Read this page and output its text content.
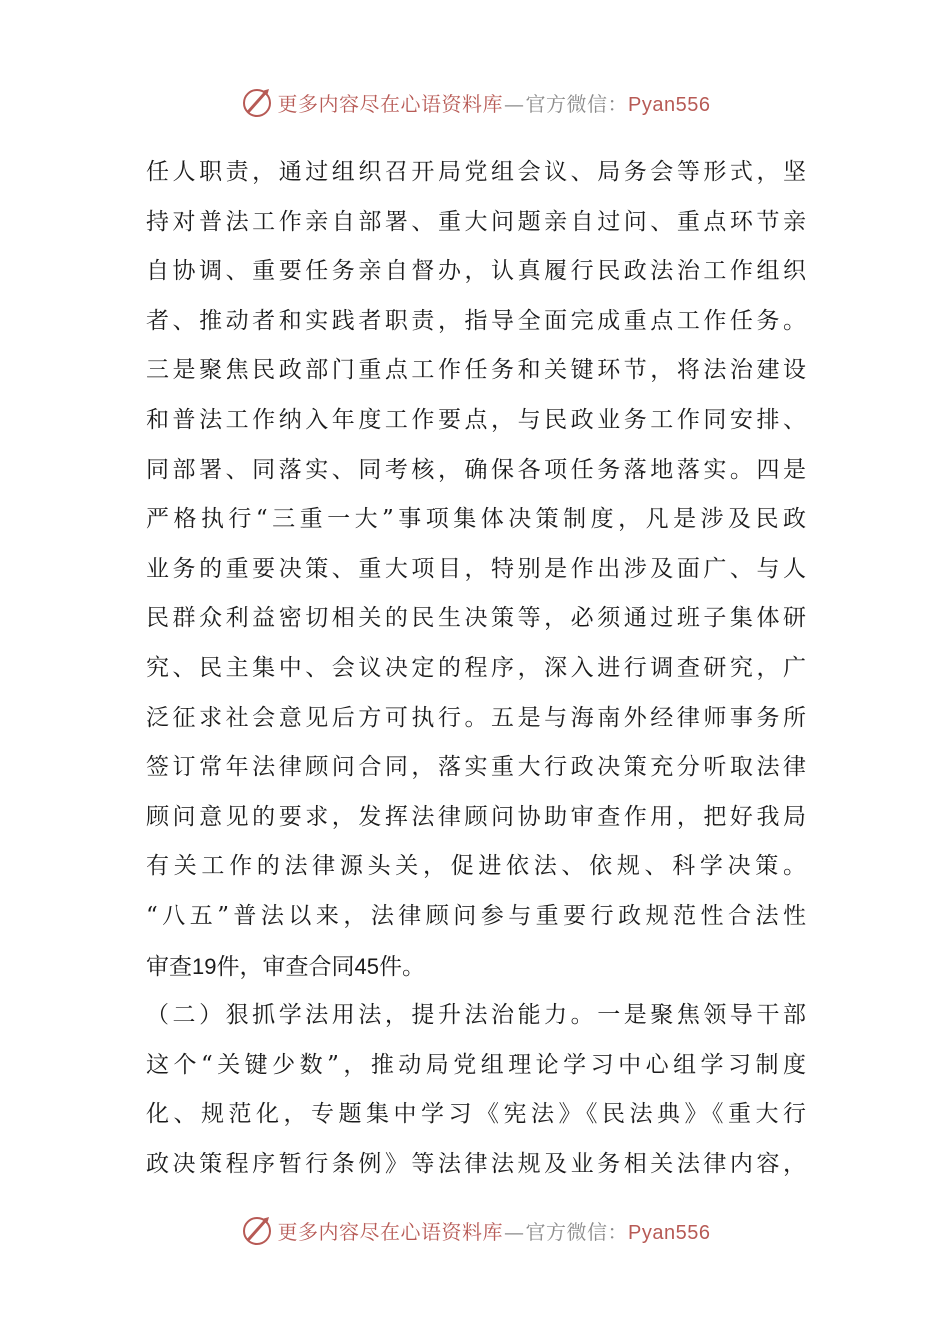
更多内容尽在心语资料库—官方微信：Pyan556
任人职责，通过组织召开局党组会议、局务会等形式，坚
持对普法工作亲自部署、重大问题亲自过问、重点环节亲
自协调、重要任务亲自督办，认真履行民政法治工作组织
者、推动者和实践者职责，指导全面完成重点工作任务。
三是聚焦民政部门重点工作任务和关键环节，将法治建设
和普法工作纳入年度工作要点，与民政业务工作同安排、
同部署、同落实、同考核，确保各项任务落地落实。四是
严格执行“三重一大”事项集体决策制度，凡是涉及民政
业务的重要决策、重大项目，特别是作出涉及面广、与人
民群众利益密切相关的民生决策等，必须通过班子集体研
究、民主集中、会议决定的程序，深入进行调查研究，广
泛征求社会意见后方可执行。五是与海南外经律师事务所
签订常年法律顾问合同，落实重大行政决策充分听取法律
顾问意见的要求，发挥法律顾问协助审查作用，把好我局
有关工作的法律源头关，促进依法、依规、科学决策。
“八五”普法以来，法律顾问参与重要行政规范性合法性
审查19件，审查合同45件。
（二）狠抓学法用法，提升法治能力。一是聚焦领导干部
这个“关键少数”，推动局党组理论学习中心组学习制度
化、规范化，专题集中学习《宪法》《民法典》《重大行
政决策程序暂行条例》等法律法规及业务相关法律内容，
更多内容尽在心语资料库—官方微信：Pyan556
